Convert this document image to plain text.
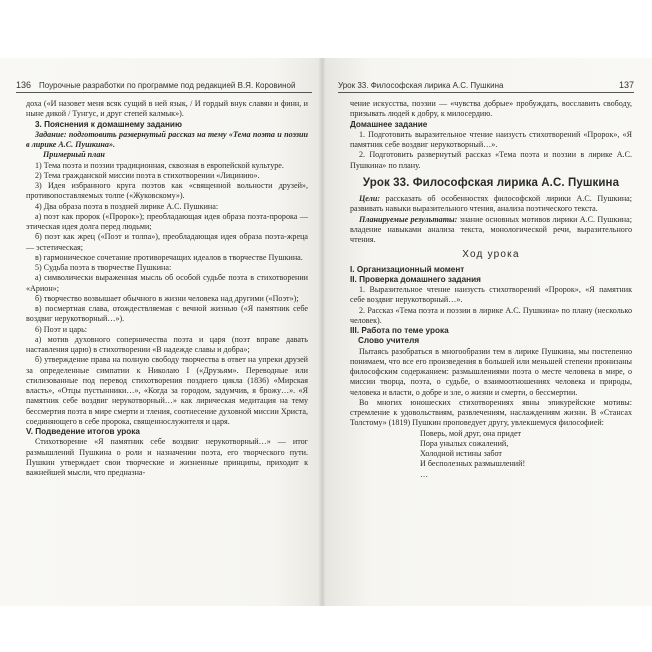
136 Поурочные разработки по программе под редакцией В.Я. Коровиной

доха («И назовет меня всяк сущий в ней язык, / И гордый внук славян и финн, и ныне дикой / Тунгус, и друг степей калмык»).

3. Пояснения к домашнему заданию

Задание: подготовить развернутый рассказ на тему «Тема поэта и поэзии в лирике А.С. Пушкина».

Примерный план

1) Тема поэта и поэзии традиционная, сквозная в европейской культуре.

2) Тема гражданской миссии поэта в стихотворении «Лицинию».

3) Идея избранного круга поэтов как «священной вольности друзей», противопоставляемых толпе («Жуковскому»).

4) Два образа поэта в поздней лирике А.С. Пушкина:

а) поэт как пророк («Пророк»); преобладающая идея образа поэта-пророка — этическая идея долга перед людьми;

б) поэт как жрец («Поэт и толпа»), преобладающая идея образа поэта-жреца — эстетическая;

в) гармоническое сочетание противоречащих идеалов в творчестве Пушкина.

5) Судьба поэта в творчестве Пушкина:

а) символически выраженная мысль об особой судьбе поэта в стихотворении «Арион»;

б) творчество возвышает обычного в жизни человека над другими («Поэт»);

в) посмертная слава, отождествляемая с вечной жизнью («Я памятник себе воздвиг нерукотворный…»).

6) Поэт и царь:

а) мотив духовного соперничества поэта и царя (поэт вправе давать наставления царю) в стихотворении «В надежде славы и добра»;

б) утверждение права на полную свободу творчества в ответ на упреки друзей за определенные симпатии к Николаю I («Друзьям». Переводные или стилизованные под перевод стихотворения позднего цикла (1836) «Мирская власть», «Отцы пустынники…», «Когда за городом, задумчив, я брожу…». «Я памятник себе воздвиг нерукотворный…» как лирическая медитация на тему бессмертия поэта в мире смерти и тления, соотнесение духовной миссии Христа, соединяющего в себе пророка, священнослужителя и царя.

V. Подведение итогов урока

Стихотворение «Я памятник себе воздвиг нерукотворный…» — итог размышлений Пушкина о роли и назначении поэта, его творческого пути. Пушкин утверждает свои творческие и жизненные принципы, приходит к важнейшей мысли, что предназна-

Урок 33. Философская лирика А.С. Пушкина	137

чение искусства, поэзии — «чувства добрые» пробуждать, восславить свободу, призывать людей к добру, к милосердию.

Домашнее задание

1. Подготовить выразительное чтение наизусть стихотворений «Пророк», «Я памятник себе воздвиг нерукотворный…».

2. Подготовить развернутый рассказ «Тема поэта и поэзии в лирике А.С. Пушкина» по плану.

Урок 33. Философская лирика А.С. Пушкина

Цели: рассказать об особенностях философской лирики А.С. Пушкина; развивать навыки выразительного чтения, анализа поэтического текста.

Планируемые результаты: знание основных мотивов лирики А.С. Пушкина; владение навыками анализа текста, монологической речи, выразительного чтения.

Ход урока

I. Организационный момент

II. Проверка домашнего задания

1. Выразительное чтение наизусть стихотворений «Пророк», «Я памятник себе воздвиг нерукотворный…».

2. Рассказ «Тема поэта и поэзии в лирике А.С. Пушкина» по плану (несколько человек).

III. Работа по теме урока

Слово учителя

Пытаясь разобраться в многообразии тем в лирике Пушкина, мы постепенно понимаем, что все его произведения в большей или меньшей степени пронизаны философским содержанием: размышлениями поэта о месте человека в мире, о миссии творца, поэта, о судьбе, о взаимоотношениях человека и природы, человека и власти, о добре и зле, о жизни и смерти, о бессмертии.

Во многих юношеских стихотворениях явны эпикурейские мотивы: стремление к удовольствиям, развлечениям, наслаждениям жизни. В «Стансах Толстому» (1819) Пушкин проповедует другу, увлекшемуся философией:

Поверь, мой друг, она придет

Пора унылых сожалений,

Холодной истины забот

И бесполезных размышлений!

…
